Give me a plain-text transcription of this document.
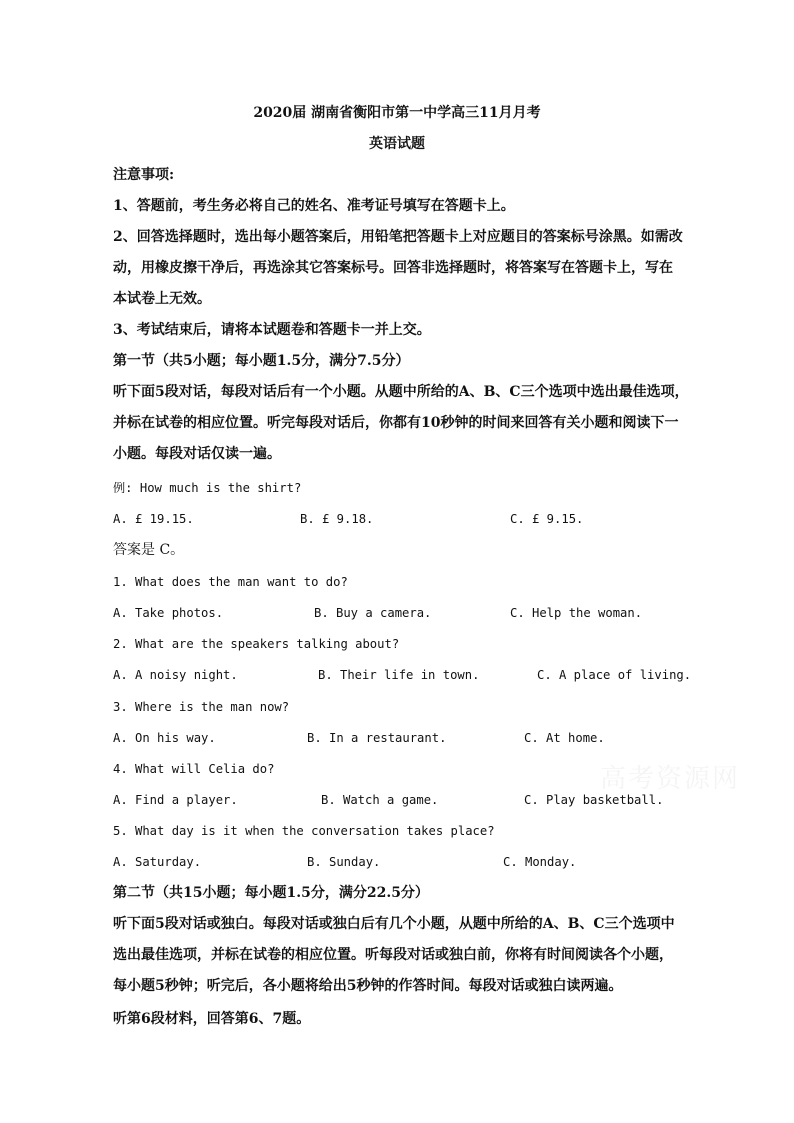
2020届 湖南省衡阳市第一中学高三11月月考
英语试题
注意事项:
1、答题前，考生务必将自己的姓名、准考证号填写在答题卡上。
2、回答选择题时，选出每小题答案后，用铅笔把答题卡上对应题目的答案标号涂黑。如需改
动，用橡皮擦干净后，再选涂其它答案标号。回答非选择题时，将答案写在答题卡上，写在
本试卷上无效。
3、考试结束后，请将本试题卷和答题卡一并上交。
第一节（共5小题；每小题1.5分，满分7.5分）
听下面5段对话，每段对话后有一个小题。从题中所给的A、B、C三个选项中选出最佳选项，
并标在试卷的相应位置。听完每段对话后，你都有10秒钟的时间来回答有关小题和阅读下一
小题。每段对话仅读一遍。
例: How much is the shirt?
A. £ 19.15.	B. £ 9.18.	C. £ 9.15.
答案是 C。
1. What does the man want to do?
A. Take photos.	B. Buy a camera.	C. Help the woman.
2. What are the speakers talking about?
A. A noisy night.	B. Their life in town.	C. A place of living.
3. Where is the man now?
A. On his way.	B. In a restaurant.	C. At home.
4. What will Celia do?
A. Find a player.	B. Watch a game.	C. Play basketball.
5. What day is it when the conversation takes place?
A. Saturday.	B. Sunday.	C. Monday.
第二节（共15小题；每小题1.5分，满分22.5分）
听下面5段对话或独白。每段对话或独白后有几个小题，从题中所给的A、B、C三个选项中
选出最佳选项，并标在试卷的相应位置。听每段对话或独白前，你将有时间阅读各个小题，
每小题5秒钟；听完后，各小题将给出5秒钟的作答时间。每段对话或独白读两遍。
听第6段材料，回答第6、7题。
高考资源网
